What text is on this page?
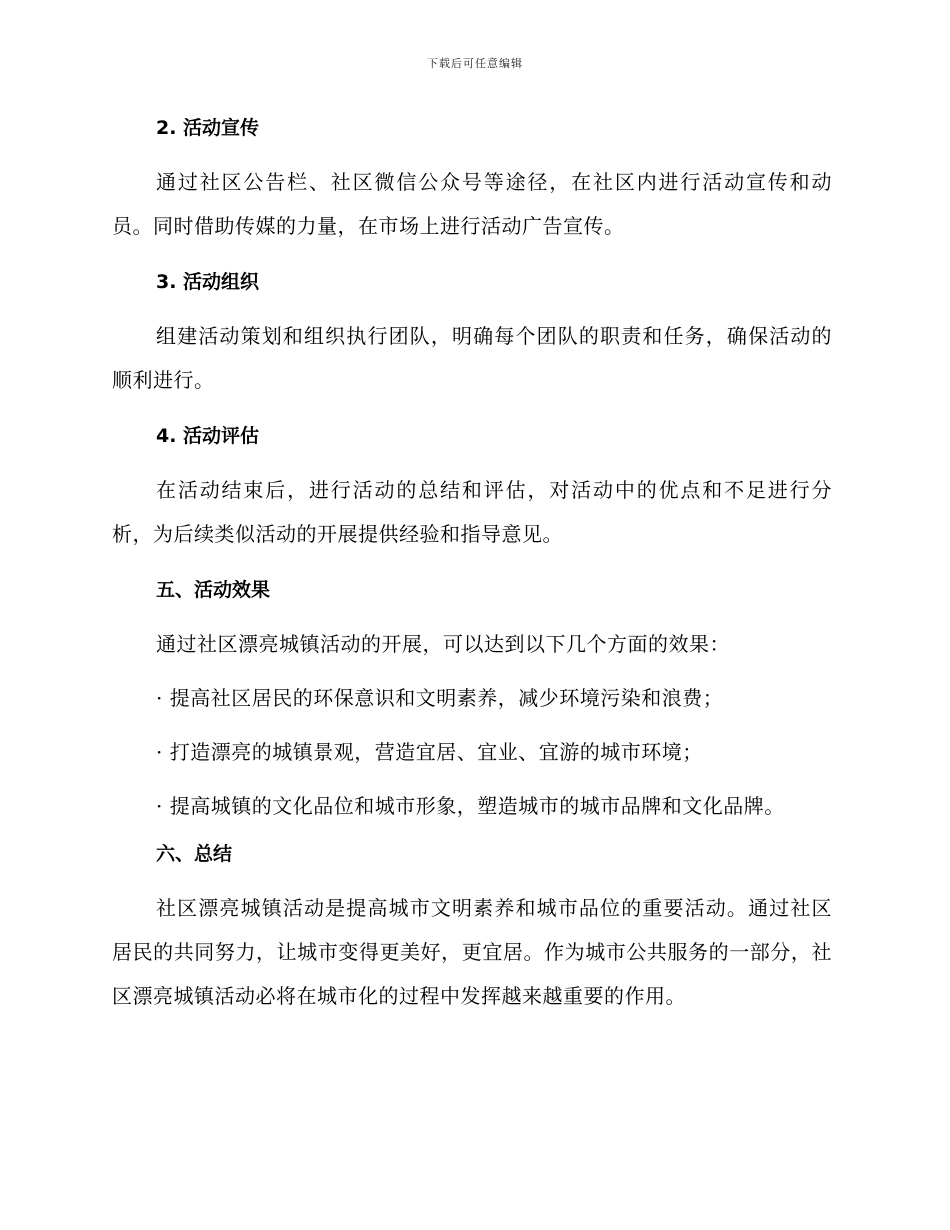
下载后可任意编辑
2. 活动宣传

通过社区公告栏、社区微信公众号等途径，在社区内进行活动宣传和动员。同时借助传媒的力量，在市场上进行活动广告宣传。

3. 活动组织

组建活动策划和组织执行团队，明确每个团队的职责和任务，确保活动的顺利进行。

4. 活动评估

在活动结束后，进行活动的总结和评估，对活动中的优点和不足进行分析，为后续类似活动的开展提供经验和指导意见。

五、活动效果

通过社区漂亮城镇活动的开展，可以达到以下几个方面的效果：

· 提高社区居民的环保意识和文明素养，减少环境污染和浪费；
· 打造漂亮的城镇景观，营造宜居、宜业、宜游的城市环境；
· 提高城镇的文化品位和城市形象，塑造城市的城市品牌和文化品牌。
六、总结

社区漂亮城镇活动是提高城市文明素养和城市品位的重要活动。通过社区居民的共同努力，让城市变得更美好，更宜居。作为城市公共服务的一部分，社区漂亮城镇活动必将在城市化的过程中发挥越来越重要的作用。
